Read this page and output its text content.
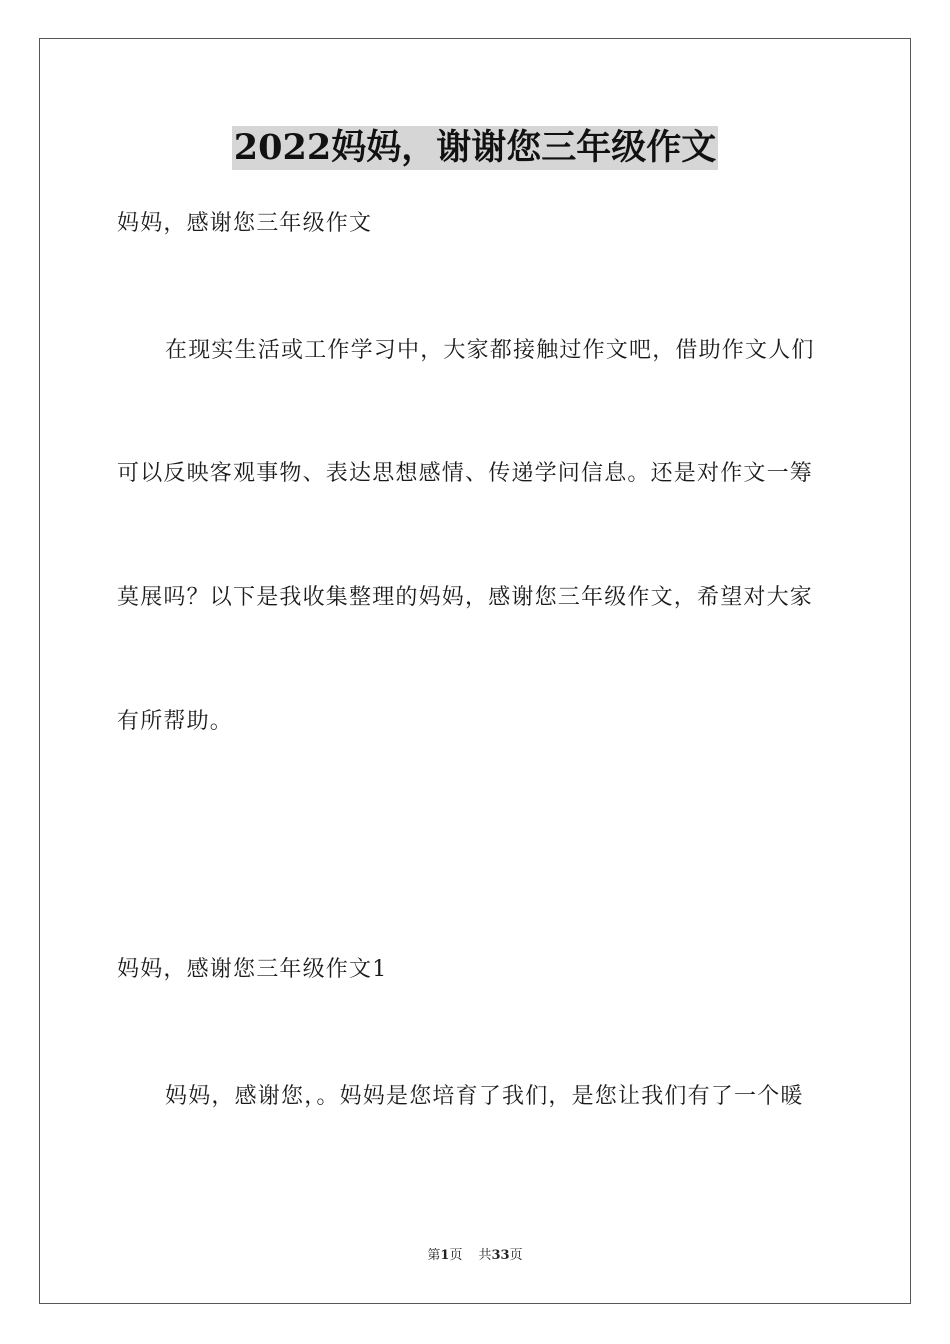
2022妈妈，谢谢您三年级作文
妈妈，感谢您三年级作文
在现实生活或工作学习中，大家都接触过作文吧，借助作文人们
可以反映客观事物、表达思想感情、传递学问信息。还是对作文一筹
莫展吗？以下是我收集整理的妈妈，感谢您三年级作文，希望对大家
有所帮助。
妈妈，感谢您三年级作文1
妈妈，感谢您，。妈妈是您培育了我们，是您让我们有了一个暖
第1页 共33页
